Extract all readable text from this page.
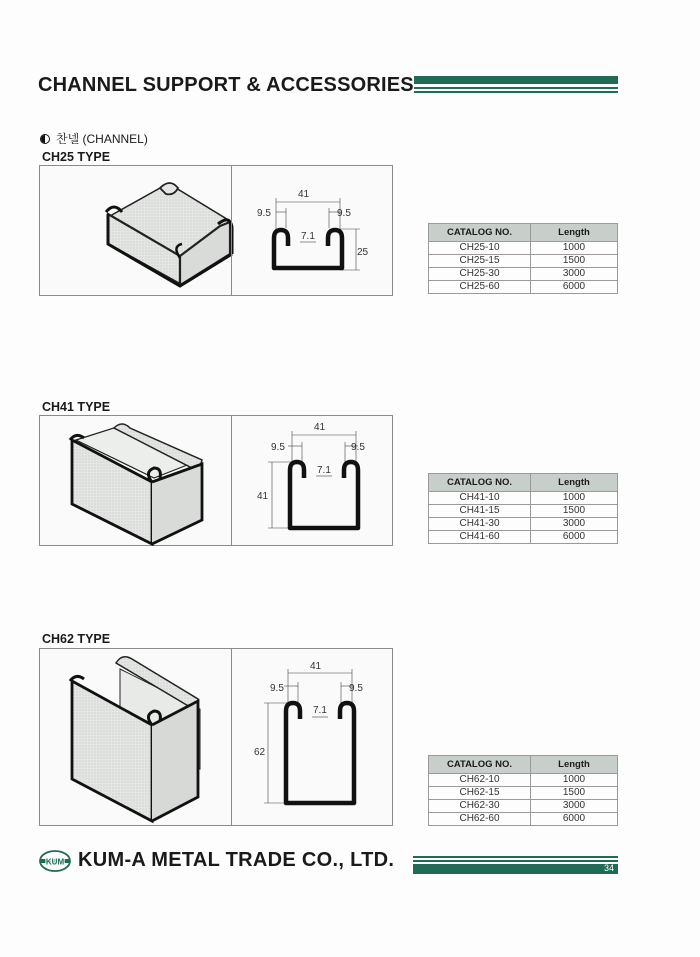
CHANNEL SUPPORT & ACCESSORIES
찬넬 (CHANNEL)
CH25 TYPE
41
9.5	9.5
7.1
25
CATALOG NO.	Length
CH25-10	1000
CH25-15	1500
CH25-30	3000
CH25-60	6000
CH41 TYPE
41
9.5	9.5
7.1
41
CATALOG NO.	Length
CH41-10	1000
CH41-15	1500
CH41-30	3000
CH41-60	6000
CH62 TYPE
41
9.5	9.5
7.1
62
CATALOG NO.	Length
CH62-10	1000
CH62-15	1500
CH62-30	3000
CH62-60	6000
KUM KUM-A METAL TRADE CO., LTD.	34
